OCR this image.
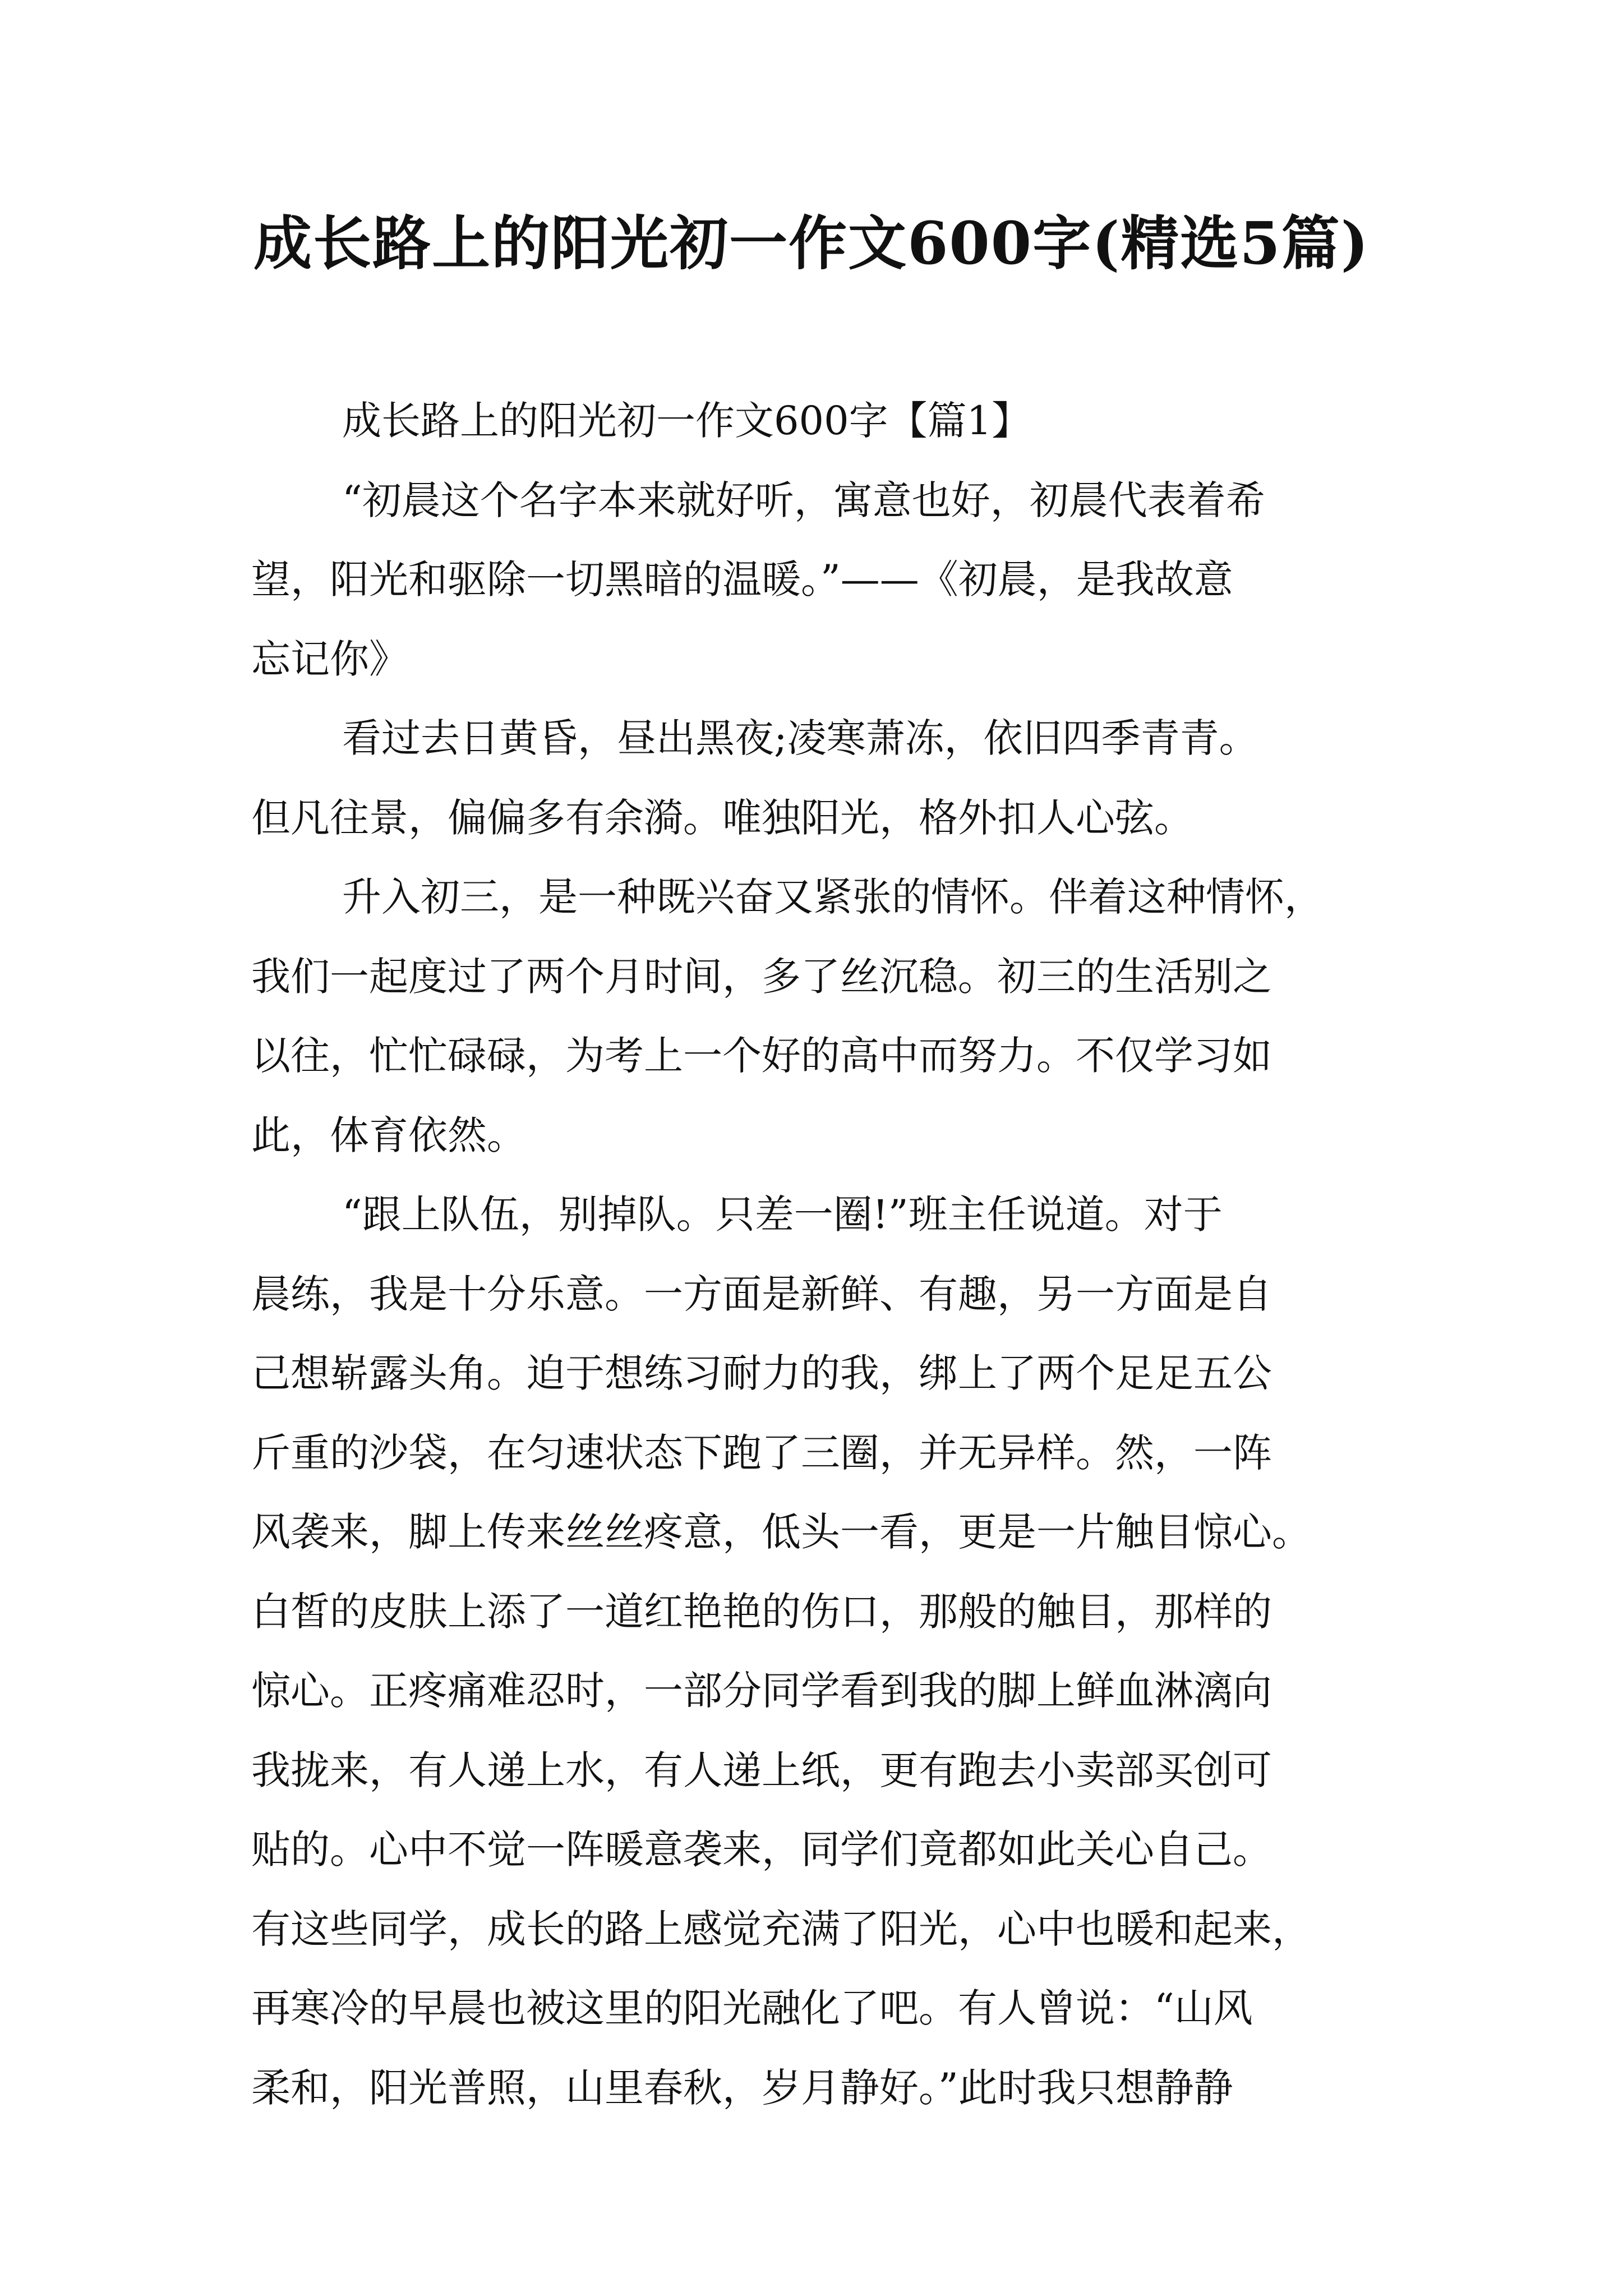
成长路上的阳光初一作文600字(精选5篇)
成长路上的阳光初一作文600字【篇1】
“初晨这个名字本来就好听，寓意也好，初晨代表着希
望，阳光和驱除一切黑暗的温暖。”——《初晨，是我故意
忘记你》
看过去日黄昏，昼出黑夜;凌寒萧冻，依旧四季青青。
但凡往景，偏偏多有余漪。唯独阳光，格外扣人心弦。
升入初三，是一种既兴奋又紧张的情怀。伴着这种情怀，
我们一起度过了两个月时间，多了丝沉稳。初三的生活别之
以往，忙忙碌碌，为考上一个好的高中而努力。不仅学习如
此，体育依然。
“跟上队伍，别掉队。只差一圈!”班主任说道。对于
晨练，我是十分乐意。一方面是新鲜、有趣，另一方面是自
己想崭露头角。迫于想练习耐力的我，绑上了两个足足五公
斤重的沙袋，在匀速状态下跑了三圈，并无异样。然，一阵
风袭来，脚上传来丝丝疼意，低头一看，更是一片触目惊心。
白皙的皮肤上添了一道红艳艳的伤口，那般的触目，那样的
惊心。正疼痛难忍时，一部分同学看到我的脚上鲜血淋漓向
我拢来，有人递上水，有人递上纸，更有跑去小卖部买创可
贴的。心中不觉一阵暖意袭来，同学们竟都如此关心自己。
有这些同学，成长的路上感觉充满了阳光，心中也暖和起来，
再寒冷的早晨也被这里的阳光融化了吧。有人曾说：“山风
柔和，阳光普照，山里春秋，岁月静好。”此时我只想静静
